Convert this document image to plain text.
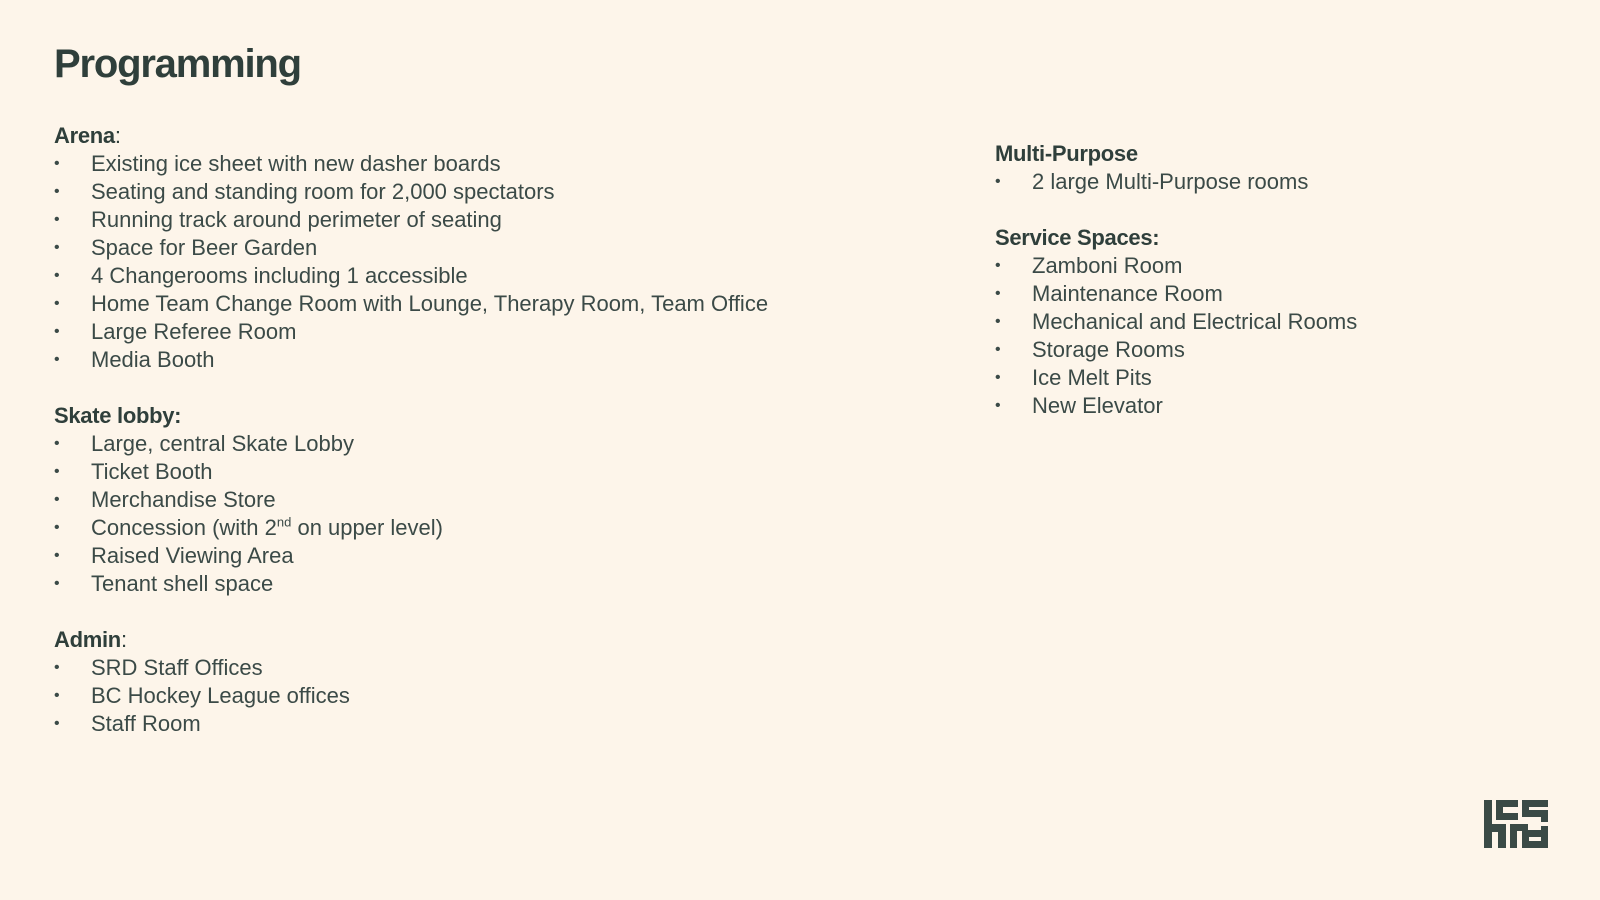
Programming
Arena:
• Existing ice sheet with new dasher boards
• Seating and standing room for 2,000 spectators
• Running track around perimeter of seating
• Space for Beer Garden
• 4 Changerooms including 1 accessible
• Home Team Change Room with Lounge, Therapy Room, Team Office
• Large Referee Room
• Media Booth
Skate lobby:
• Large, central Skate Lobby
• Ticket Booth
• Merchandise Store
• Concession (with 2nd on upper level)
• Raised Viewing Area
• Tenant shell space
Admin:
• SRD Staff Offices
• BC Hockey League offices
• Staff Room
Multi-Purpose
• 2 large Multi-Purpose rooms
Service Spaces:
• Zamboni Room
• Maintenance Room
• Mechanical and Electrical Rooms
• Storage Rooms
• Ice Melt Pits
• New Elevator
